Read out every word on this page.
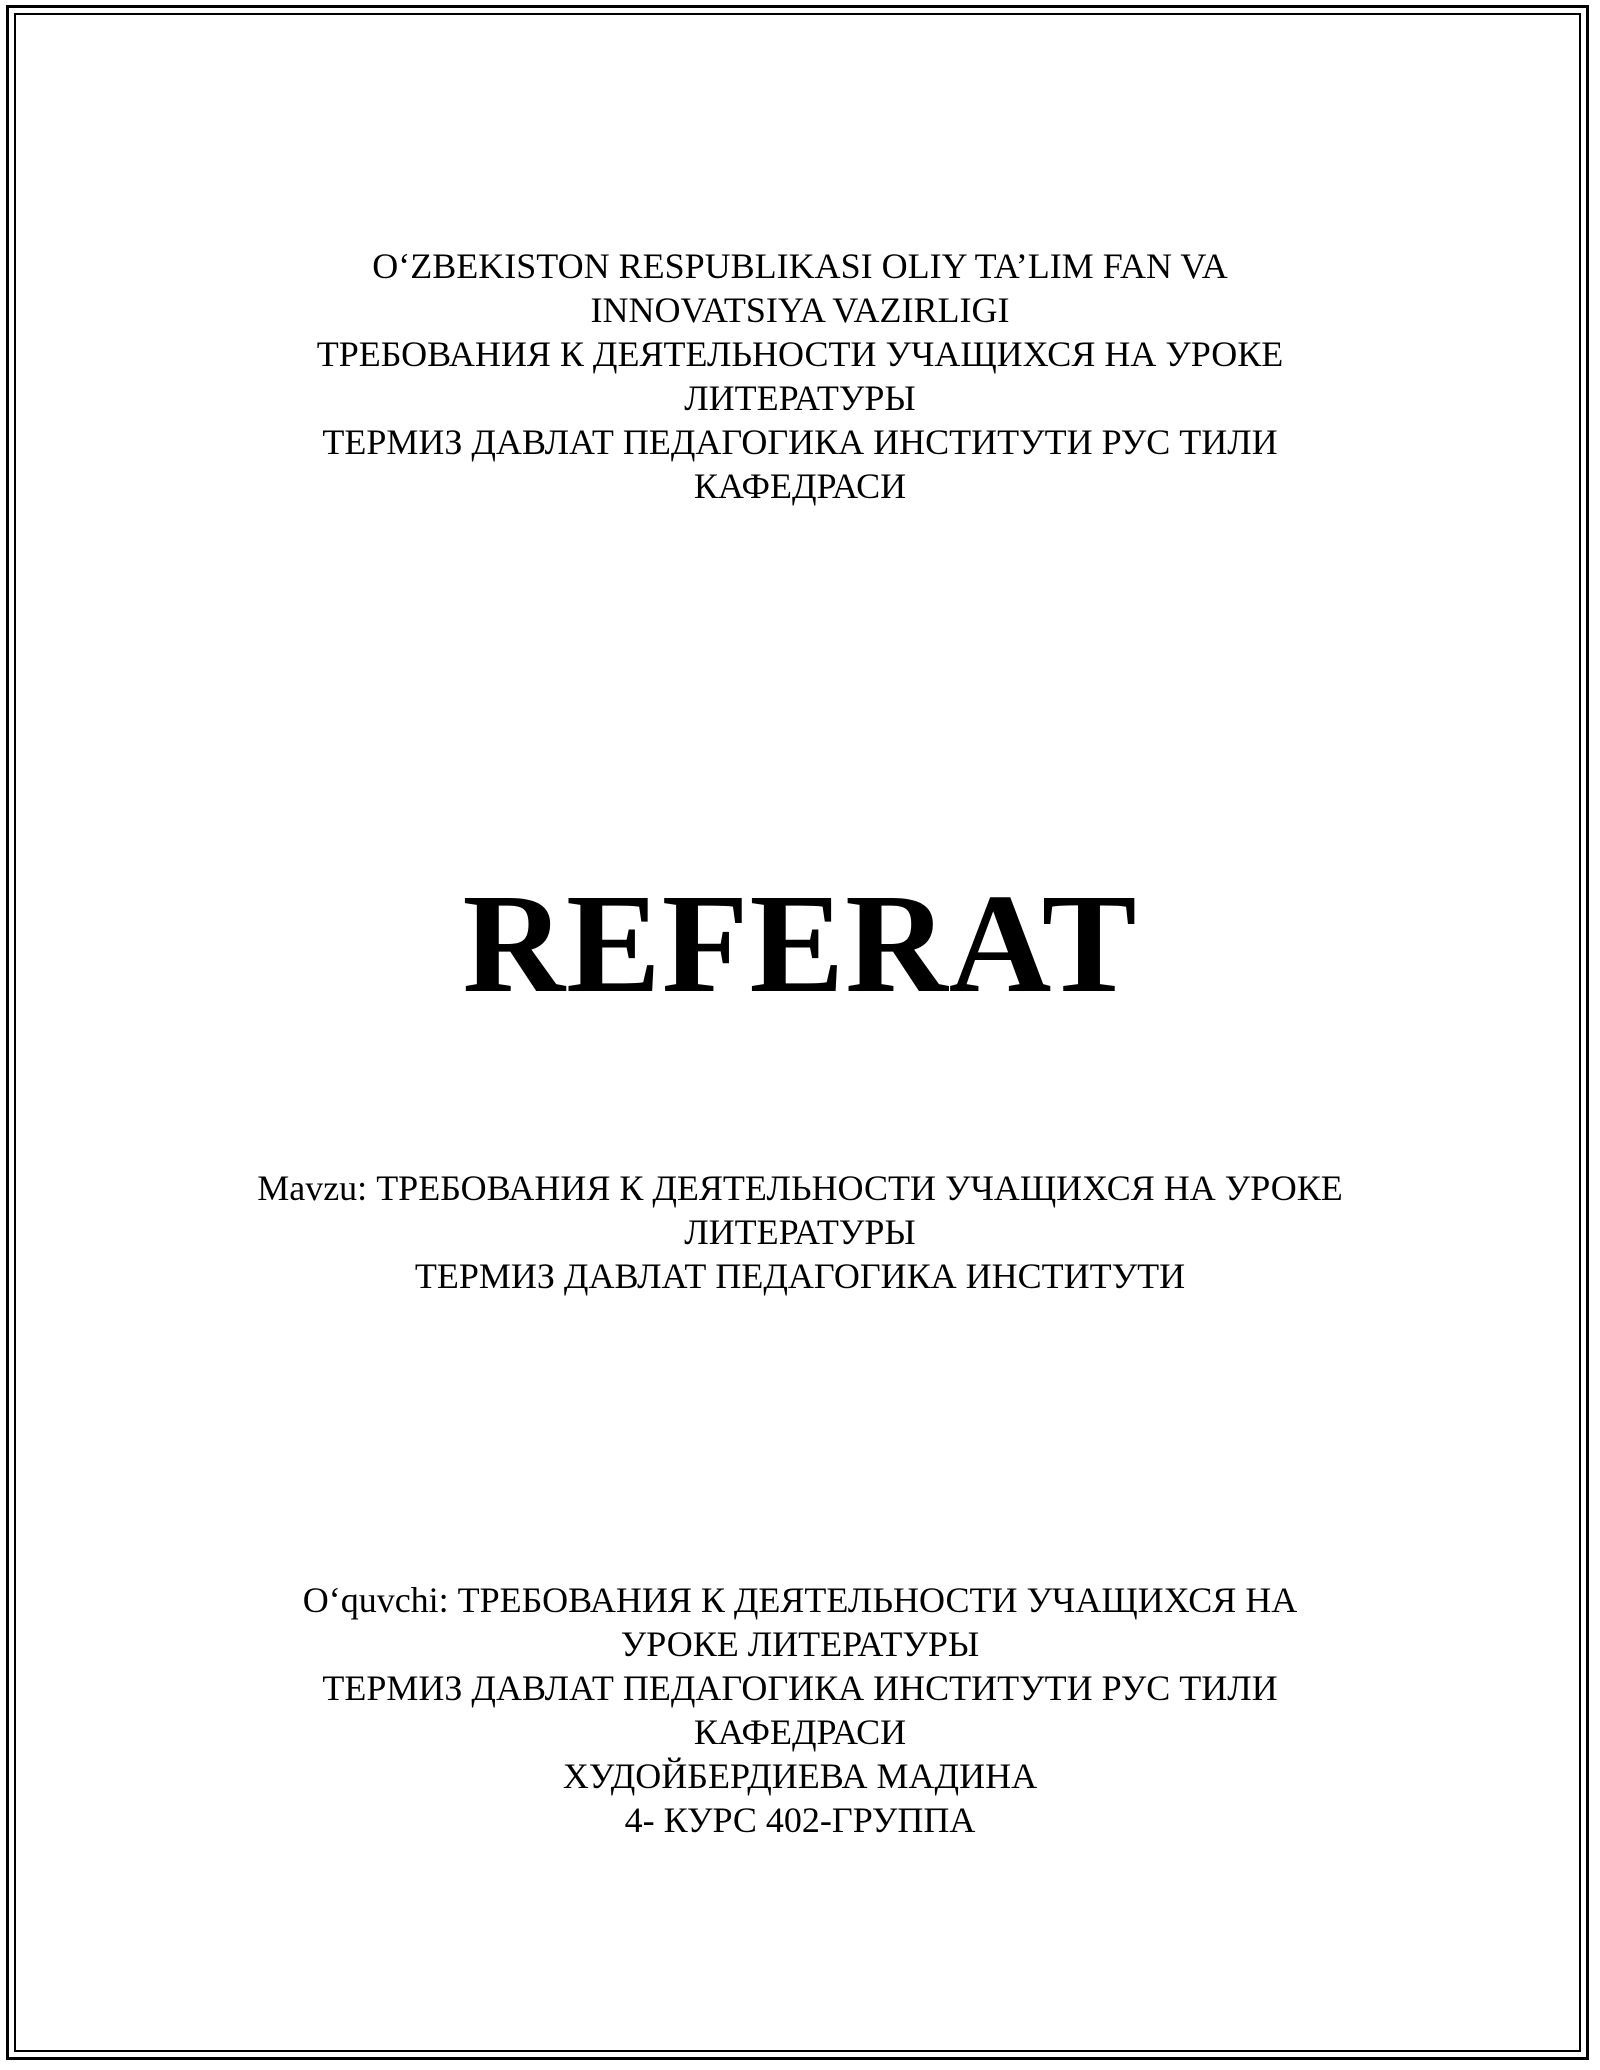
O‘ZBEKISTON RESPUBLIKASI OLIY TA’LIM FAN VA
INNOVATSIYA VAZIRLIGI
ТРЕБОВАНИЯ К ДЕЯТЕЛЬНОСТИ УЧАЩИХСЯ НА УРОКЕ
ЛИТЕРАТУРЫ
ТЕРМИЗ ДАВЛАТ ПЕДАГОГИКА ИНСТИТУТИ РУС ТИЛИ
КАФЕДРАСИ
REFERAT
Mavzu: ТРЕБОВАНИЯ К ДЕЯТЕЛЬНОСТИ УЧАЩИХСЯ НА УРОКЕ
ЛИТЕРАТУРЫ
ТЕРМИЗ ДАВЛАТ ПЕДАГОГИКА ИНСТИТУТИ
O‘quvchi: ТРЕБОВАНИЯ К ДЕЯТЕЛЬНОСТИ УЧАЩИХСЯ НА
УРОКЕ ЛИТЕРАТУРЫ
ТЕРМИЗ ДАВЛАТ ПЕДАГОГИКА ИНСТИТУТИ РУС ТИЛИ
КАФЕДРАСИ
ХУДОЙБЕРДИЕВА МАДИНА
4- КУРС 402-ГРУППА
